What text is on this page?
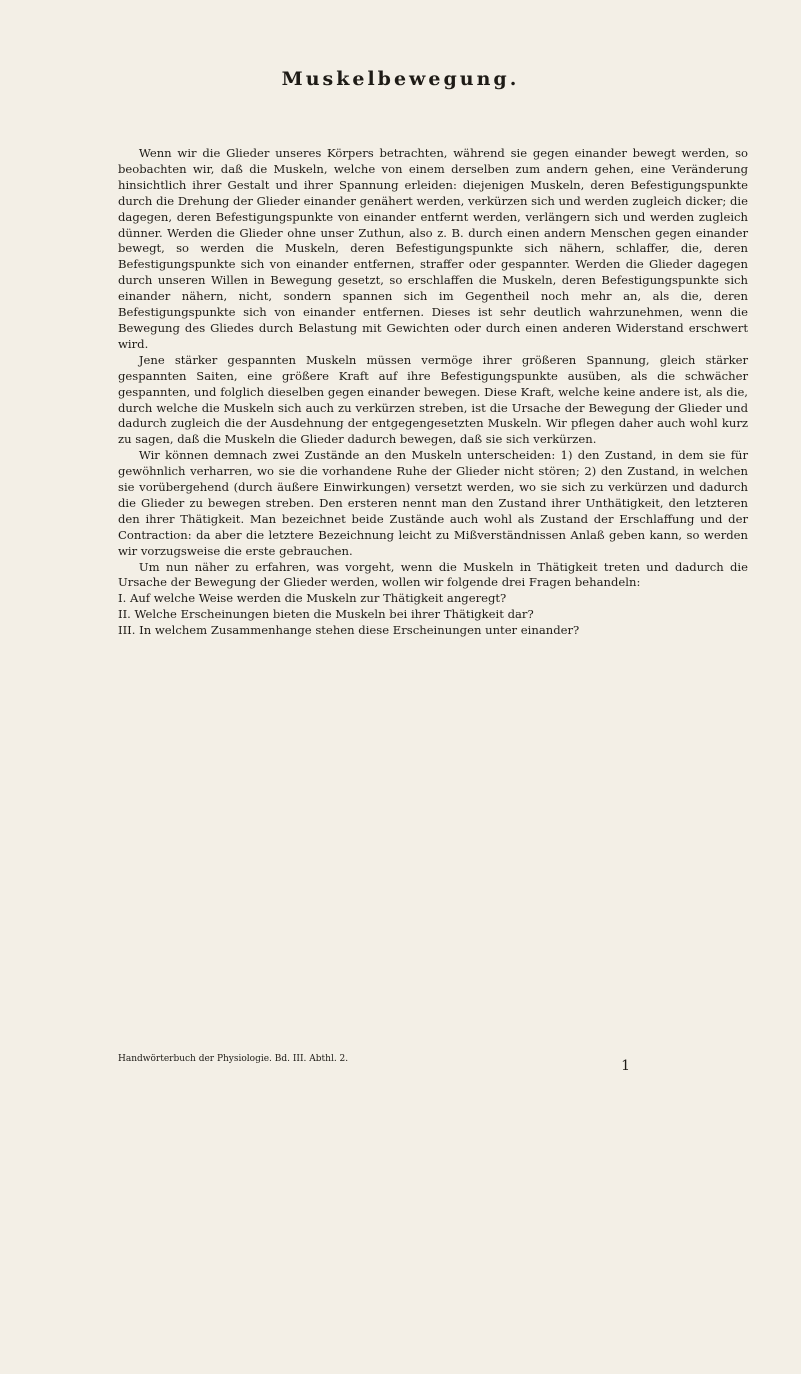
Muskelbewegung.

Wenn wir die Glieder unseres Körpers betrachten, während sie gegen einander bewegt werden, so beobachten wir, daß die Muskeln, welche von einem derselben zum andern gehen, eine Veränderung hinsichtlich ihrer Gestalt und ihrer Spannung erleiden: diejenigen Muskeln, deren Befestigungspunkte durch die Drehung der Glieder einander genähert werden, verkürzen sich und werden zugleich dicker; die dagegen, deren Befestigungspunkte von einander entfernt werden, verlängern sich und werden zugleich dünner. Werden die Glieder ohne unser Zuthun, also z. B. durch einen andern Menschen gegen einander bewegt, so werden die Muskeln, deren Befestigungspunkte sich nähern, schlaffer, die, deren Befestigungspunkte sich von einander entfernen, straffer oder gespannter. Werden die Glieder dagegen durch unseren Willen in Bewegung gesetzt, so erschlaffen die Muskeln, deren Befestigungspunkte sich einander nähern, nicht, sondern spannen sich im Gegentheil noch mehr an, als die, deren Befestigungspunkte sich von einander entfernen. Dieses ist sehr deutlich wahrzunehmen, wenn die Bewegung des Gliedes durch Belastung mit Gewichten oder durch einen anderen Widerstand erschwert wird.

Jene stärker gespannten Muskeln müssen vermöge ihrer größeren Spannung, gleich stärker gespannten Saiten, eine größere Kraft auf ihre Befestigungspunkte ausüben, als die schwächer gespannten, und folglich dieselben gegen einander bewegen. Diese Kraft, welche keine andere ist, als die, durch welche die Muskeln sich auch zu verkürzen streben, ist die Ursache der Bewegung der Glieder und dadurch zugleich die der Ausdehnung der entgegengesetzten Muskeln. Wir pflegen daher auch wohl kurz zu sagen, daß die Muskeln die Glieder dadurch bewegen, daß sie sich verkürzen.

Wir können demnach zwei Zustände an den Muskeln unterscheiden: 1) den Zustand, in dem sie für gewöhnlich verharren, wo sie die vorhandene Ruhe der Glieder nicht stören; 2) den Zustand, in welchen sie vorübergehend (durch äußere Einwirkungen) versetzt werden, wo sie sich zu verkürzen und dadurch die Glieder zu bewegen streben. Den ersteren nennt man den Zustand ihrer Unthätigkeit, den letzteren den ihrer Thätigkeit. Man bezeichnet beide Zustände auch wohl als Zustand der Erschlaffung und der Contraction: da aber die letztere Bezeichnung leicht zu Mißverständnissen Anlaß geben kann, so werden wir vorzugsweise die erste gebrauchen.

Um nun näher zu erfahren, was vorgeht, wenn die Muskeln in Thätigkeit treten und dadurch die Ursache der Bewegung der Glieder werden, wollen wir folgende drei Fragen behandeln:

I. Auf welche Weise werden die Muskeln zur Thätigkeit angeregt?
II. Welche Erscheinungen bieten die Muskeln bei ihrer Thätigkeit dar?
III. In welchem Zusammenhange stehen diese Erscheinungen unter einander?
Handwörterbuch der Physiologie. Bd. III. Abthl. 2.	1
